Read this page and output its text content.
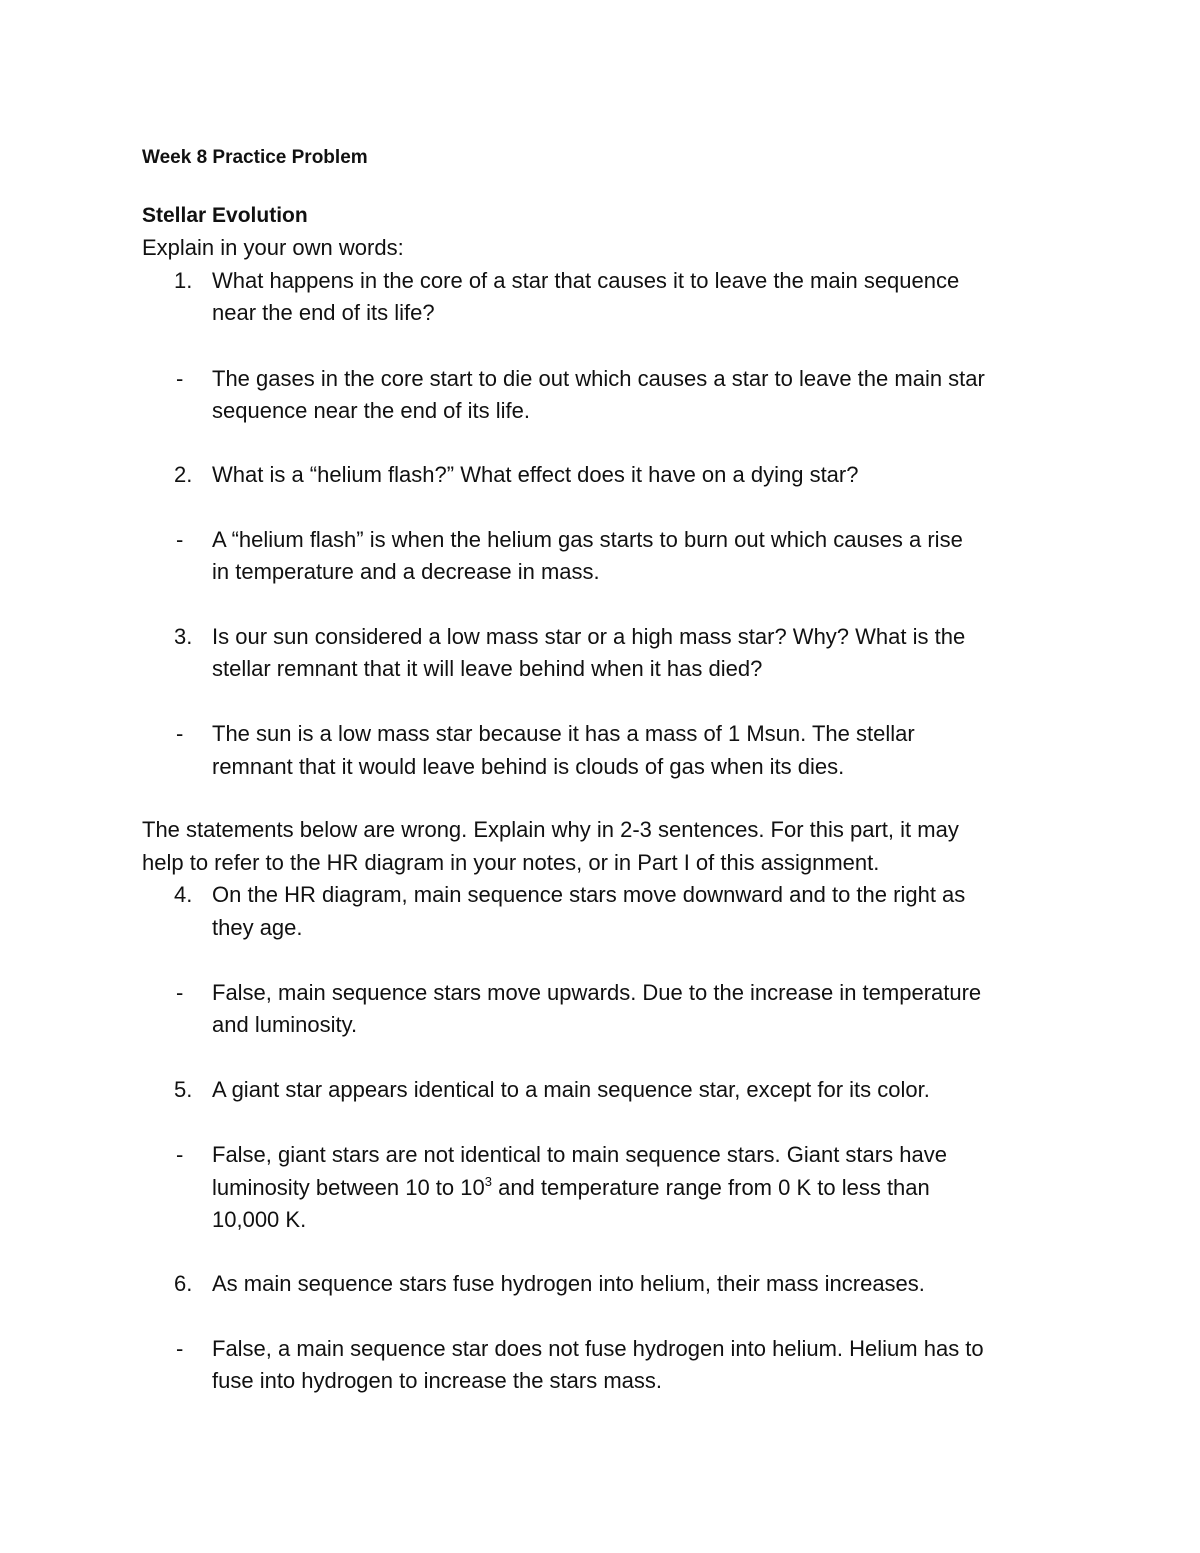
Week 8 Practice Problem
Stellar Evolution
Explain in your own words:
1. What happens in the core of a star that causes it to leave the main sequence
near the end of its life?
- The gases in the core start to die out which causes a star to leave the main star
sequence near the end of its life.
2. What is a “helium flash?” What effect does it have on a dying star?
- A “helium flash” is when the helium gas starts to burn out which causes a rise
in temperature and a decrease in mass.
3. Is our sun considered a low mass star or a high mass star? Why? What is the
stellar remnant that it will leave behind when it has died?
- The sun is a low mass star because it has a mass of 1 Msun. The stellar
remnant that it would leave behind is clouds of gas when its dies.
The statements below are wrong. Explain why in 2-3 sentences. For this part, it may
help to refer to the HR diagram in your notes, or in Part I of this assignment.
4. On the HR diagram, main sequence stars move downward and to the right as
they age.
- False, main sequence stars move upwards. Due to the increase in temperature
and luminosity.
5. A giant star appears identical to a main sequence star, except for its color.
- False, giant stars are not identical to main sequence stars. Giant stars have
luminosity between 10 to $10^3$ and temperature range from 0 K to less than
10,000 K.
6. As main sequence stars fuse hydrogen into helium, their mass increases.
- False, a main sequence star does not fuse hydrogen into helium. Helium has to
fuse into hydrogen to increase the stars mass.
